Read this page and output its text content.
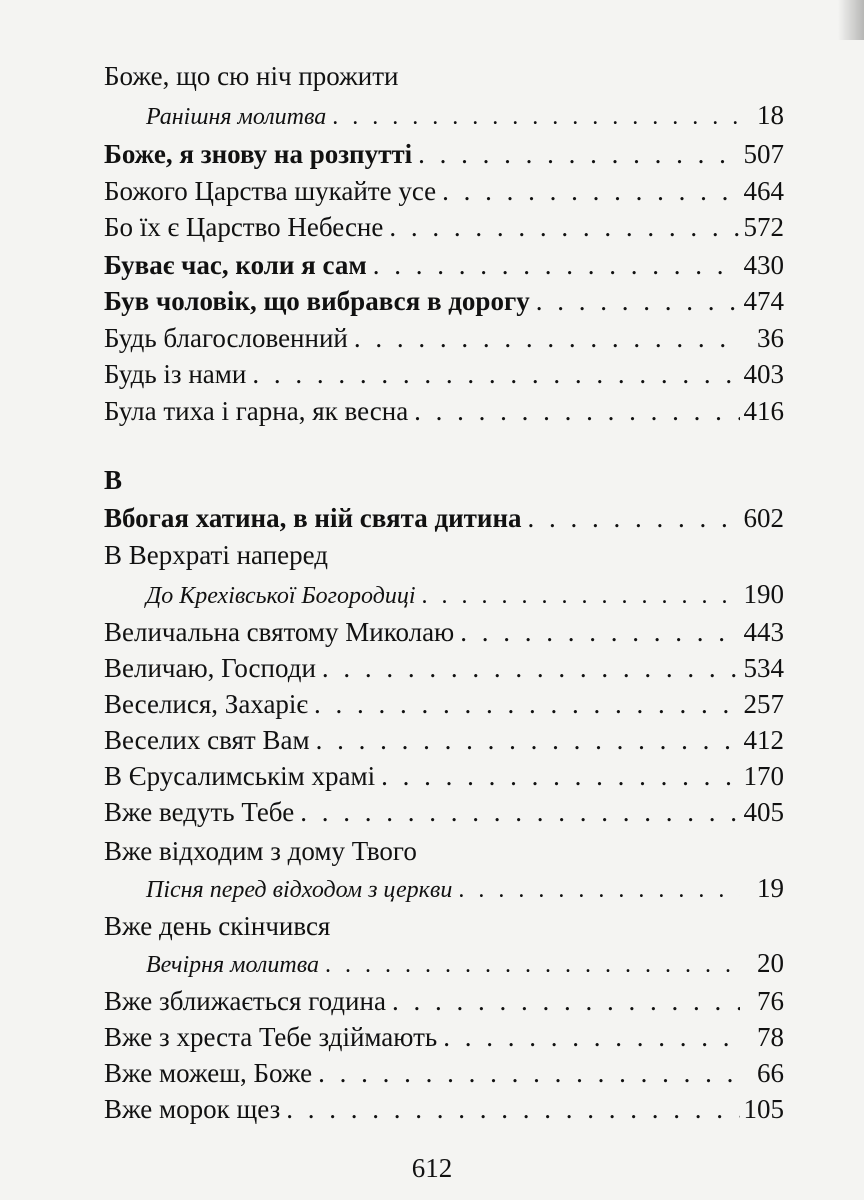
Боже, що сю ніч прожити
Ранішня молитва . . .	18
Боже, я знову на розпутті . . .	507
Божого Царства шукайте усе . . .	464
Бо їх є Царство Небесне . . .	572
Буває час, коли я сам . . .	430
Був чоловік, що вибрався в дорогу . . .	474
Будь благословенний . . .	36
Будь із нами . . .	403
Була тиха і гарна, як весна . . .	416
В
Вбогая хатина, в ній свята дитина . . .	602
В Верхраті наперед
До Крехівської Богородиці . . .	190
Величальна святому Миколаю . . .	443
Величаю, Господи . . .	534
Веселися, Захаріє . . .	257
Веселих свят Вам . . .	412
В Єрусалимськім храмі . . .	170
Вже ведуть Тебе . . .	405
Вже відходим з дому Твого
Пісня перед відходом з церкви . . .	19
Вже день скінчився
Вечірня молитва . . .	20
Вже зближається година . . .	76
Вже з хреста Тебе здіймають . . .	78
Вже можеш, Боже . . .	66
Вже морок щез . . .	105
612
